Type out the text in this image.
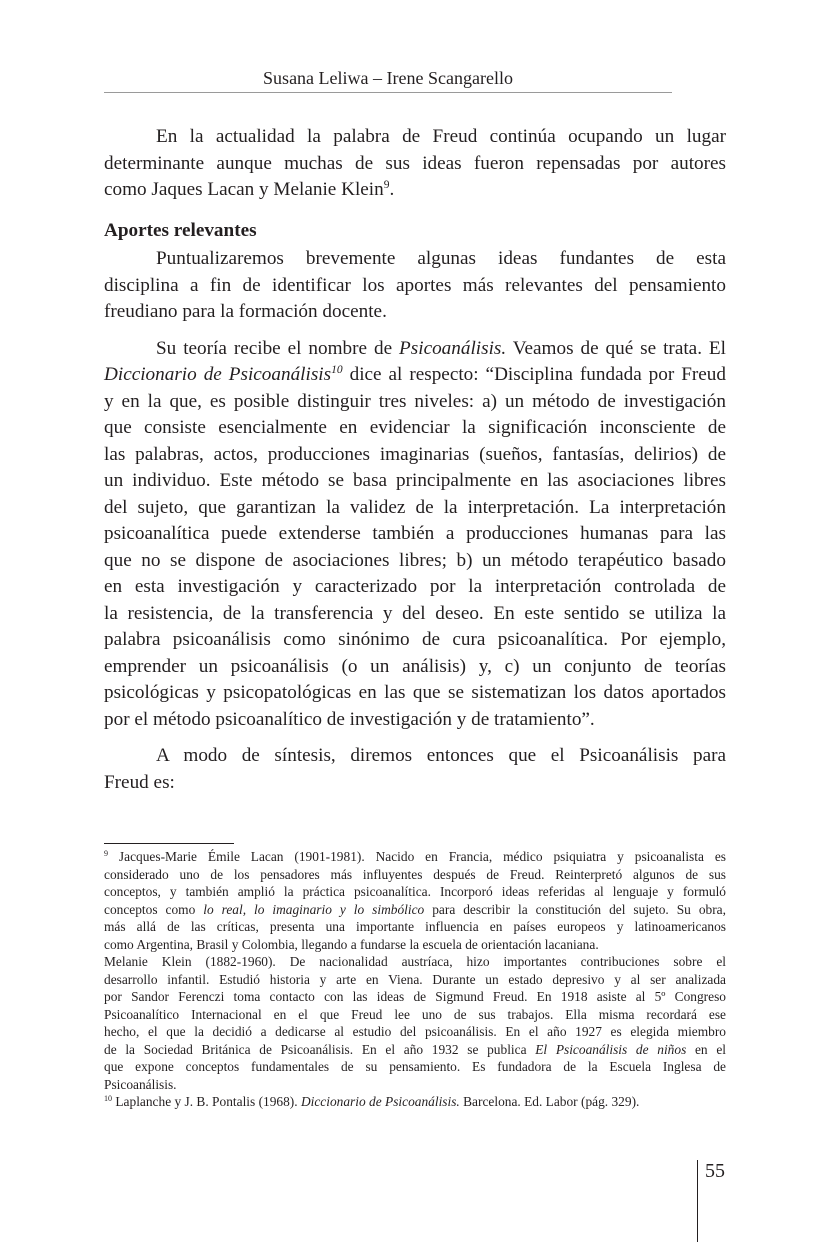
Susana Leliwa – Irene Scangarello
En la actualidad la palabra de Freud continúa ocupando un lugar
determinante aunque muchas de sus ideas fueron repensadas por autores
como Jaques Lacan y Melanie Klein$^9$.
Aportes relevantes
Puntualizaremos brevemente algunas ideas fundantes de esta
disciplina a fin de identificar los aportes más relevantes del pensamiento
freudiano para la formación docente.
Su teoría recibe el nombre de Psicoanálisis. Veamos de qué se trata. El
Diccionario de Psicoanálisis$^{10}$ dice al respecto: “Disciplina fundada por Freud
y en la que, es posible distinguir tres niveles: a) un método de investigación
que consiste esencialmente en evidenciar la significación inconsciente de
las palabras, actos, producciones imaginarias (sueños, fantasías, delirios) de
un individuo. Este método se basa principalmente en las asociaciones libres
del sujeto, que garantizan la validez de la interpretación. La interpretación
psicoanalítica puede extenderse también a producciones humanas para las
que no se dispone de asociaciones libres; b) un método terapéutico basado
en esta investigación y caracterizado por la interpretación controlada de
la resistencia, de la transferencia y del deseo. En este sentido se utiliza la
palabra psicoanálisis como sinónimo de cura psicoanalítica. Por ejemplo,
emprender un psicoanálisis (o un análisis) y, c) un conjunto de teorías
psicológicas y psicopatológicas en las que se sistematizan los datos aportados
por el método psicoanalítico de investigación y de tratamiento”.
A modo de síntesis, diremos entonces que el Psicoanálisis para
Freud es:
$^9$ Jacques-Marie Émile Lacan (1901-1981). Nacido en Francia, médico psiquiatra y psicoanalista es
considerado uno de los pensadores más influyentes después de Freud. Reinterpretó algunos de sus
conceptos, y también amplió la práctica psicoanalítica. Incorporó ideas referidas al lenguaje y formuló
conceptos como lo real, lo imaginario y lo simbólico para describir la constitución del sujeto. Su obra,
más allá de las críticas, presenta una importante influencia en países europeos y latinoamericanos
como Argentina, Brasil y Colombia, llegando a fundarse la escuela de orientación lacaniana.
Melanie Klein (1882-1960). De nacionalidad austríaca, hizo importantes contribuciones sobre el
desarrollo infantil. Estudió historia y arte en Viena. Durante un estado depresivo y al ser analizada
por Sandor Ferenczi toma contacto con las ideas de Sigmund Freud. En 1918 asiste al 5º Congreso
Psicoanalítico Internacional en el que Freud lee uno de sus trabajos. Ella misma recordará ese
hecho, el que la decidió a dedicarse al estudio del psicoanálisis. En el año 1927 es elegida miembro
de la Sociedad Británica de Psicoanálisis. En el año 1932 se publica El Psicoanálisis de niños en el
que expone conceptos fundamentales de su pensamiento. Es fundadora de la Escuela Inglesa de
Psicoanálisis.
$^{10}$ Laplanche y J. B. Pontalis (1968). Diccionario de Psicoanálisis. Barcelona. Ed. Labor (pág. 329).
55
